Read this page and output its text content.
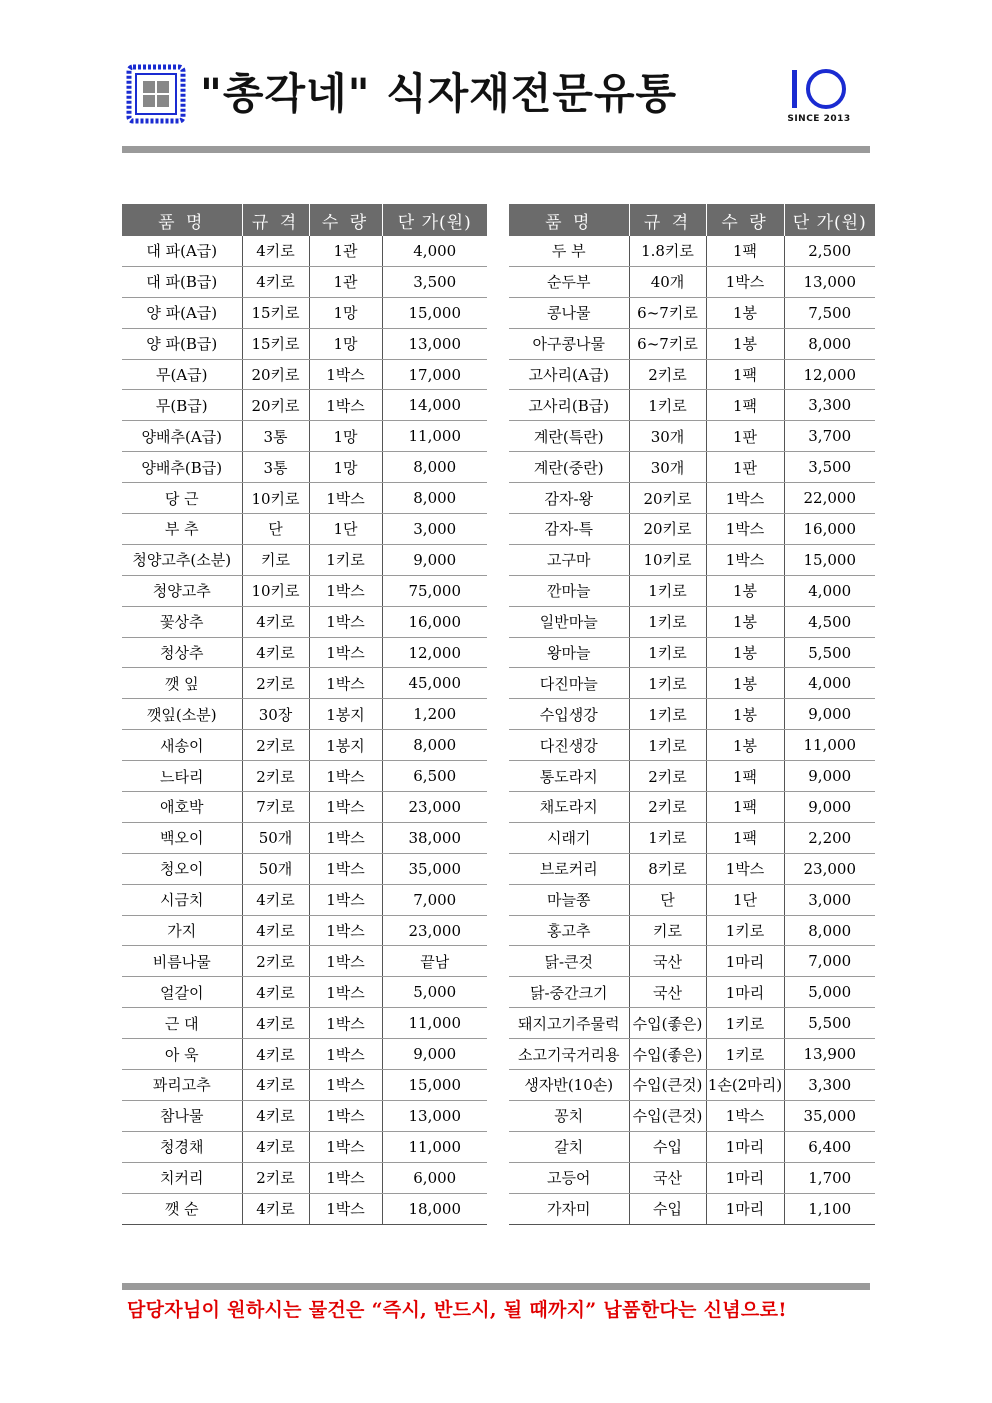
"총각네" 식자재전문유통
SINCE 2013
품 명	규 격	수 량	단 가(원)
대 파(A급)	4키로	1관	4,000
대 파(B급)	4키로	1관	3,500
양 파(A급)	15키로	1망	15,000
양 파(B급)	15키로	1망	13,000
무(A급)	20키로	1박스	17,000
무(B급)	20키로	1박스	14,000
양배추(A급)	3통	1망	11,000
양배추(B급)	3통	1망	8,000
당 근	10키로	1박스	8,000
부 추	단	1단	3,000
청양고추(소분)	키로	1키로	9,000
청양고추	10키로	1박스	75,000
꽃상추	4키로	1박스	16,000
청상추	4키로	1박스	12,000
깻 잎	2키로	1박스	45,000
깻잎(소분)	30장	1봉지	1,200
새송이	2키로	1봉지	8,000
느타리	2키로	1박스	6,500
애호박	7키로	1박스	23,000
백오이	50개	1박스	38,000
청오이	50개	1박스	35,000
시금치	4키로	1박스	7,000
가지	4키로	1박스	23,000
비름나물	2키로	1박스	끝남
얼갈이	4키로	1박스	5,000
근 대	4키로	1박스	11,000
아 욱	4키로	1박스	9,000
꽈리고추	4키로	1박스	15,000
참나물	4키로	1박스	13,000
청경채	4키로	1박스	11,000
치커리	2키로	1박스	6,000
깻 순	4키로	1박스	18,000
품 명	규 격	수 량	단 가(원)
두 부	1.8키로	1팩	2,500
순두부	40개	1박스	13,000
콩나물	6~7키로	1봉	7,500
아구콩나물	6~7키로	1봉	8,000
고사리(A급)	2키로	1팩	12,000
고사리(B급)	1키로	1팩	3,300
계란(특란)	30개	1판	3,700
계란(중란)	30개	1판	3,500
감자-왕	20키로	1박스	22,000
감자-특	20키로	1박스	16,000
고구마	10키로	1박스	15,000
깐마늘	1키로	1봉	4,000
일반마늘	1키로	1봉	4,500
왕마늘	1키로	1봉	5,500
다진마늘	1키로	1봉	4,000
수입생강	1키로	1봉	9,000
다진생강	1키로	1봉	11,000
통도라지	2키로	1팩	9,000
채도라지	2키로	1팩	9,000
시래기	1키로	1팩	2,200
브로커리	8키로	1박스	23,000
마늘쫑	단	1단	3,000
홍고추	키로	1키로	8,000
닭-큰것	국산	1마리	7,000
닭-중간크기	국산	1마리	5,000
돼지고기주물럭	수입(좋은)	1키로	5,500
소고기국거리용	수입(좋은)	1키로	13,900
생자반(10손)	수입(큰것)	1손(2마리)	3,300
꽁치	수입(큰것)	1박스	35,000
갈치	수입	1마리	6,400
고등어	국산	1마리	1,700
가자미	수입	1마리	1,100
담당자님이 원하시는 물건은 “즉시, 반드시, 될 때까지” 납품한다는 신념으로!
